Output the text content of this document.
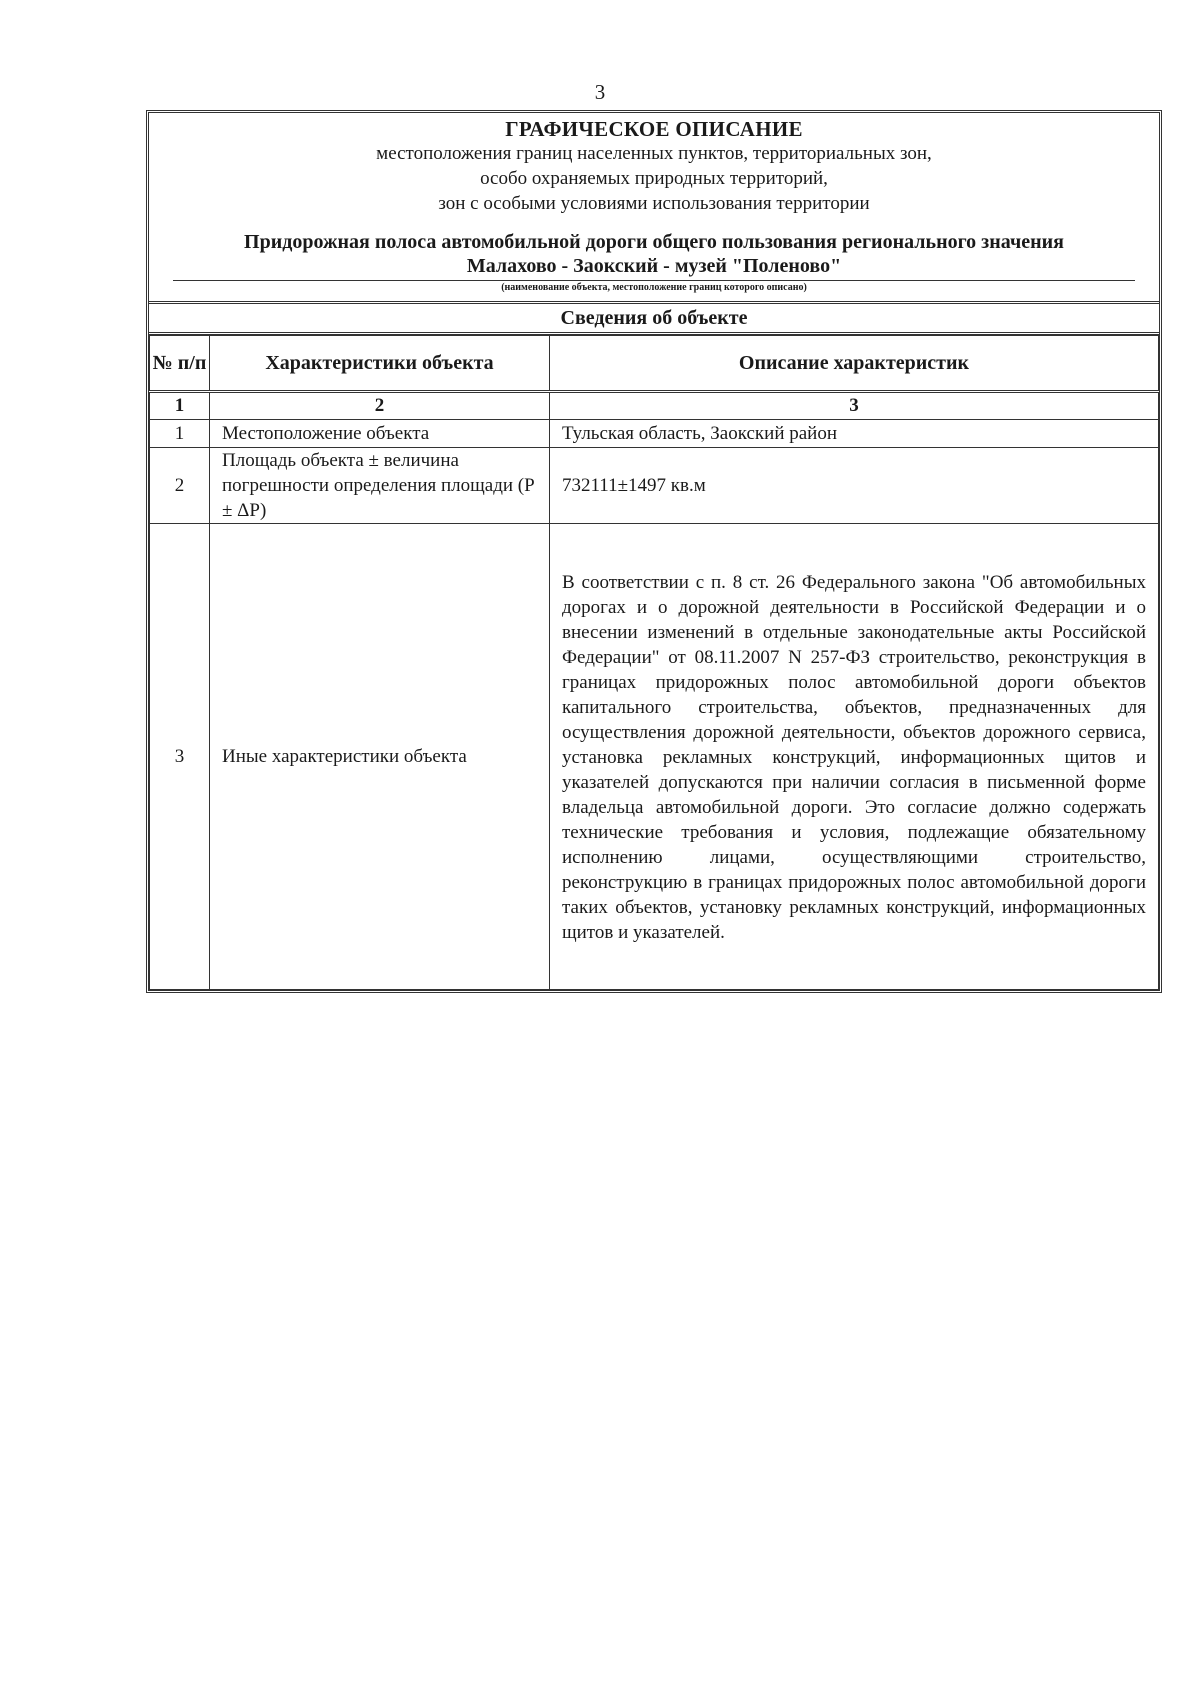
3
ГРАФИЧЕСКОЕ ОПИСАНИЕ
местоположения границ населенных пунктов, территориальных зон,
особо охраняемых природных территорий,
зон с особыми условиями использования территории
Придорожная полоса автомобильной дороги общего пользования регионального значения
Малахово - Заокский - музей "Поленово"
(наименование объекта, местоположение границ которого описано)
Сведения об объекте
№ п/п	Характеристики объекта	Описание характеристик
1	2	3
1	Местоположение объекта	Тульская область, Заокский район
2	Площадь объекта ± величина погрешности определения площади (P ± ΔP)	732111±1497 кв.м
3	Иные характеристики объекта	В соответствии с п. 8 ст. 26 Федерального закона "Об автомобильных дорогах и о дорожной деятельности в Российской Федерации и о внесении изменений в отдельные законодательные акты Российской Федерации" от 08.11.2007 N 257-ФЗ строительство, реконструкция в границах придорожных полос автомобильной дороги объектов капитального строительства, объектов, предназначенных для осуществления дорожной деятельности, объектов дорожного сервиса, установка рекламных конструкций, информационных щитов и указателей допускаются при наличии согласия в письменной форме владельца автомобильной дороги. Это согласие должно содержать технические требования и условия, подлежащие обязательному исполнению лицами, осуществляющими строительство, реконструкцию в границах придорожных полос автомобильной дороги таких объектов, установку рекламных конструкций, информационных щитов и указателей.
